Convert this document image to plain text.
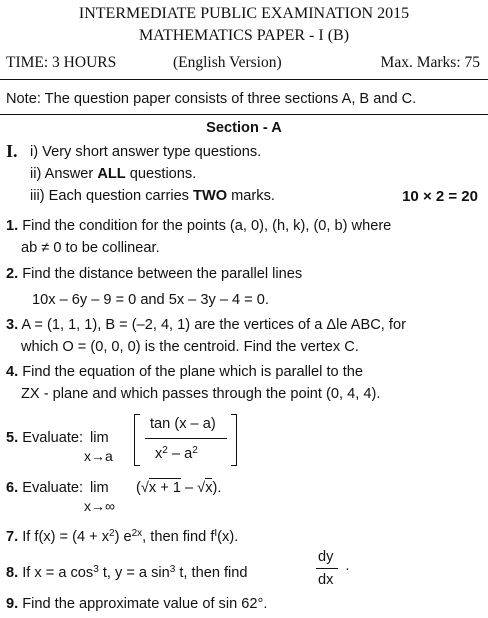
INTERMEDIATE PUBLIC EXAMINATION 2015
MATHEMATICS PAPER - I (B)
TIME: 3 HOURS	(English Version)	Max. Marks: 75
Note: The question paper consists of three sections A, B and C.
Section - A
I. i) Very short answer type questions.
ii) Answer ALL questions.
iii) Each question carries TWO marks.	10 × 2 = 20
1. Find the condition for the points (a, 0), (h, k), (0, b) where
ab ≠ 0 to be collinear.
2. Find the distance between the parallel lines
10x – 6y – 9 = 0 and 5x – 3y – 4 = 0.
3. A = (1, 1, 1), B = (–2, 4, 1) are the vertices of a Δle ABC, for
which O = (0, 0, 0) is the centroid. Find the vertex C.
4. Find the equation of the plane which is parallel to the
ZX - plane and which passes through the point (0, 4, 4).
5. Evaluate: lim
x→a
tan (x – a)
$x^2 - a^2$
6. Evaluate: lim
x→∞
(√x + 1 – √x).
7. If $f(x) = (4 + x^2)$ $e^{2x}$, then find $f^I(x)$.
8. If x = a $\cos^3 t$, y = a $\sin^3 t$, then find
dy
dx
·
9. Find the approximate value of sin 62°.
